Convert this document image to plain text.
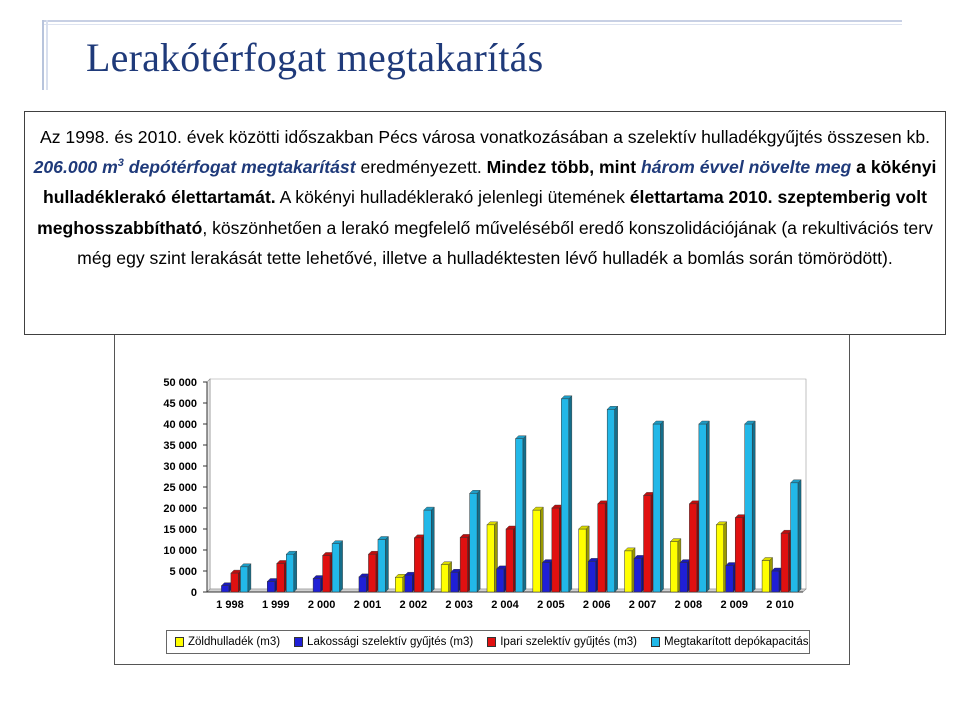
Lerakótérfogat megtakarítás
Az 1998. és 2010. évek közötti időszakban Pécs városa vonatkozásában a szelektív hulladékgyűjtés összesen kb. 206.000 $m^3$ depótérfogat megtakarítást eredményezett. Mindez több, mint három évvel növelte meg a kökényi hulladéklerakó élettartamát. A kökényi hulladéklerakó jelenlegi ütemének élettartama 2010. szeptemberig volt meghosszabbítható, köszönhetően a lerakó megfelelő műveléséből eredő konszolidációjának (a rekultivációs terv még egy szint lerakását tette lehetővé, illetve a hulladéktesten lévő hulladék a bomlás során tömörödött).
0
5 000
10 000
15 000
20 000
25 000
30 000
35 000
40 000
45 000
50 000
1 998 1 999 2 000 2 001 2 002 2 003 2 004 2 005 2 006 2 007 2 008 2 009 2 010
Zöldhulladék (m3) Lakossági szelektív gyűjtés (m3) Ipari szelektív gyűjtés (m3) Megtakarított depókapacitás
